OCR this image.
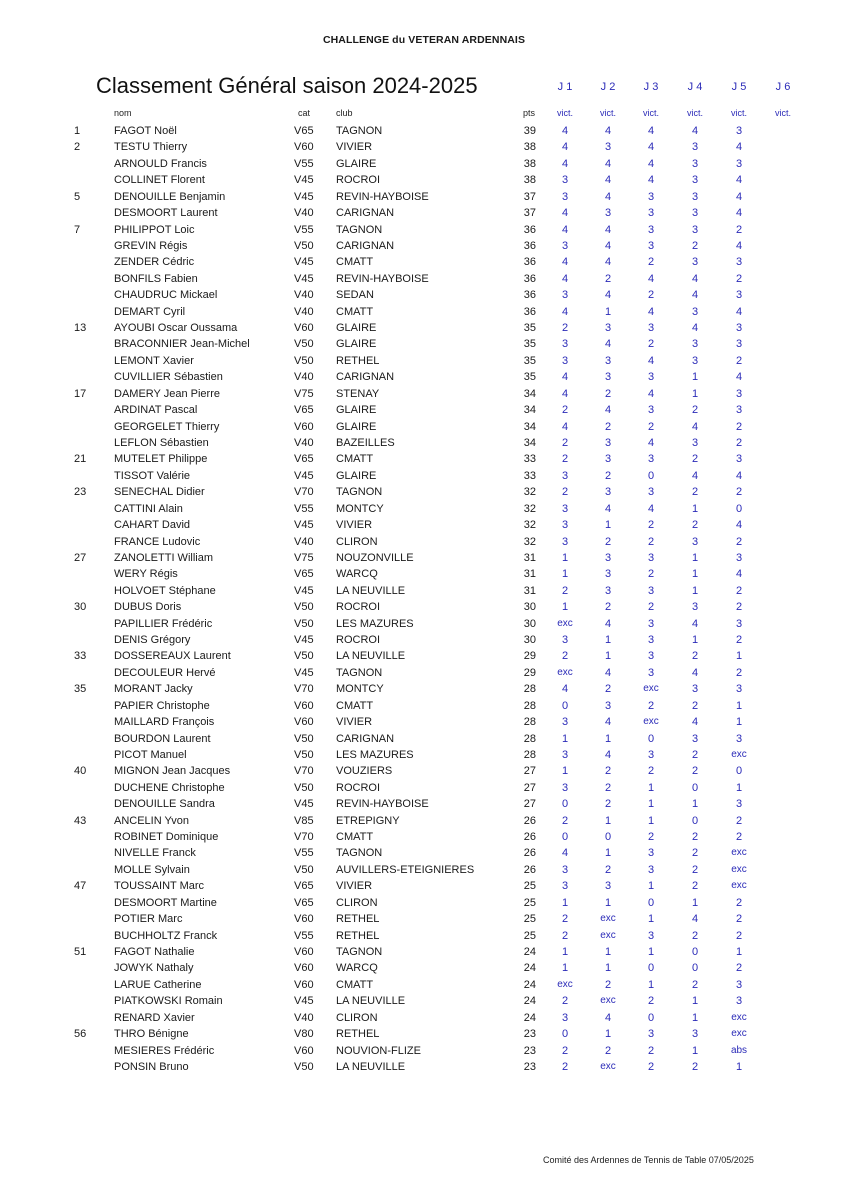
CHALLENGE du VETERAN ARDENNAIS
Classement Général saison 2024-2025	J 1	J 2	J 3	J 4	J 5	J 6
nom	cat	club	pts	vict.	vict.	vict.	vict.	vict.	vict.
1	FAGOT Noël	V65 TAGNON	39	4	4	4	4	3
2	TESTU Thierry	V60 VIVIER	38	4	3	4	3	4
ARNOULD Francis	V55 GLAIRE	38	4	4	4	3	3
COLLINET Florent	V45 ROCROI	38	3	4	4	3	4
5	DENOUILLE Benjamin	V45 REVIN-HAYBOISE	37	3	4	3	3	4
DESMOORT Laurent	V40 CARIGNAN	37	4	3	3	3	4
7	PHILIPPOT Loic	V55 TAGNON	36	4	4	3	3	2
GREVIN Régis	V50 CARIGNAN	36	3	4	3	2	4
ZENDER Cédric	V45 CMATT	36	4	4	2	3	3
BONFILS Fabien	V45 REVIN-HAYBOISE	36	4	2	4	4	2
CHAUDRUC Mickael	V40 SEDAN	36	3	4	2	4	3
DEMART Cyril	V40 CMATT	36	4	1	4	3	4
13	AYOUBI Oscar Oussama	V60 GLAIRE	35	2	3	3	4	3
BRACONNIER Jean-Michel	V50 GLAIRE	35	3	4	2	3	3
LEMONT Xavier	V50 RETHEL	35	3	3	4	3	2
CUVILLIER Sébastien	V40 CARIGNAN	35	4	3	3	1	4
17	DAMERY Jean Pierre	V75 STENAY	34	4	2	4	1	3
ARDINAT Pascal	V65 GLAIRE	34	2	4	3	2	3
GEORGELET Thierry	V60 GLAIRE	34	4	2	2	4	2
LEFLON Sébastien	V40 BAZEILLES	34	2	3	4	3	2
21	MUTELET Philippe	V65 CMATT	33	2	3	3	2	3
TISSOT Valérie	V45 GLAIRE	33	3	2	0	4	4
23	SENECHAL Didier	V70 TAGNON	32	2	3	3	2	2
CATTINI Alain	V55 MONTCY	32	3	4	4	1	0
CAHART David	V45 VIVIER	32	3	1	2	2	4
FRANCE Ludovic	V40 CLIRON	32	3	2	2	3	2
27	ZANOLETTI William	V75 NOUZONVILLE	31	1	3	3	1	3
WERY Régis	V65 WARCQ	31	1	3	2	1	4
HOLVOET Stéphane	V45 LA NEUVILLE	31	2	3	3	1	2
30	DUBUS Doris	V50 ROCROI	30	1	2	2	3	2
PAPILLIER Frédéric	V50 LES MAZURES	30	exc	4	3	4	3
DENIS Grégory	V45 ROCROI	30	3	1	3	1	2
33	DOSSEREAUX Laurent	V50 LA NEUVILLE	29	2	1	3	2	1
DECOULEUR Hervé	V45 TAGNON	29	exc	4	3	4	2
35	MORANT Jacky	V70 MONTCY	28	4	2	exc	3	3
PAPIER Christophe	V60 CMATT	28	0	3	2	2	1
MAILLARD François	V60 VIVIER	28	3	4	exc	4	1
BOURDON Laurent	V50 CARIGNAN	28	1	1	0	3	3
PICOT Manuel	V50 LES MAZURES	28	3	4	3	2	exc
40	MIGNON Jean Jacques	V70 VOUZIERS	27	1	2	2	2	0
DUCHENE Christophe	V50 ROCROI	27	3	2	1	0	1
DENOUILLE Sandra	V45 REVIN-HAYBOISE	27	0	2	1	1	3
43	ANCELIN Yvon	V85 ETREPIGNY	26	2	1	1	0	2
ROBINET Dominique	V70 CMATT	26	0	0	2	2	2
NIVELLE Franck	V55 TAGNON	26	4	1	3	2	exc
MOLLE Sylvain	V50 AUVILLERS-ETEIGNIERES	26	3	2	3	2	exc
47	TOUSSAINT Marc	V65 VIVIER	25	3	3	1	2	exc
DESMOORT Martine	V65 CLIRON	25	1	1	0	1	2
POTIER Marc	V60 RETHEL	25	2	exc	1	4	2
BUCHHOLTZ Franck	V55 RETHEL	25	2	exc	3	2	2
51	FAGOT Nathalie	V60 TAGNON	24	1	1	1	0	1
JOWYK Nathaly	V60 WARCQ	24	1	1	0	0	2
LARUE Catherine	V60 CMATT	24	exc	2	1	2	3
PIATKOWSKI Romain	V45 LA NEUVILLE	24	2	exc	2	1	3
RENARD Xavier	V40 CLIRON	24	3	4	0	1	exc
56	THRO Bénigne	V80 RETHEL	23	0	1	3	3	exc
MESIERES Frédéric	V60 NOUVION-FLIZE	23	2	2	2	1	abs
PONSIN Bruno	V50 LA NEUVILLE	23	2	exc	2	2	1
Comité des Ardennes de Tennis de Table 07/05/2025
